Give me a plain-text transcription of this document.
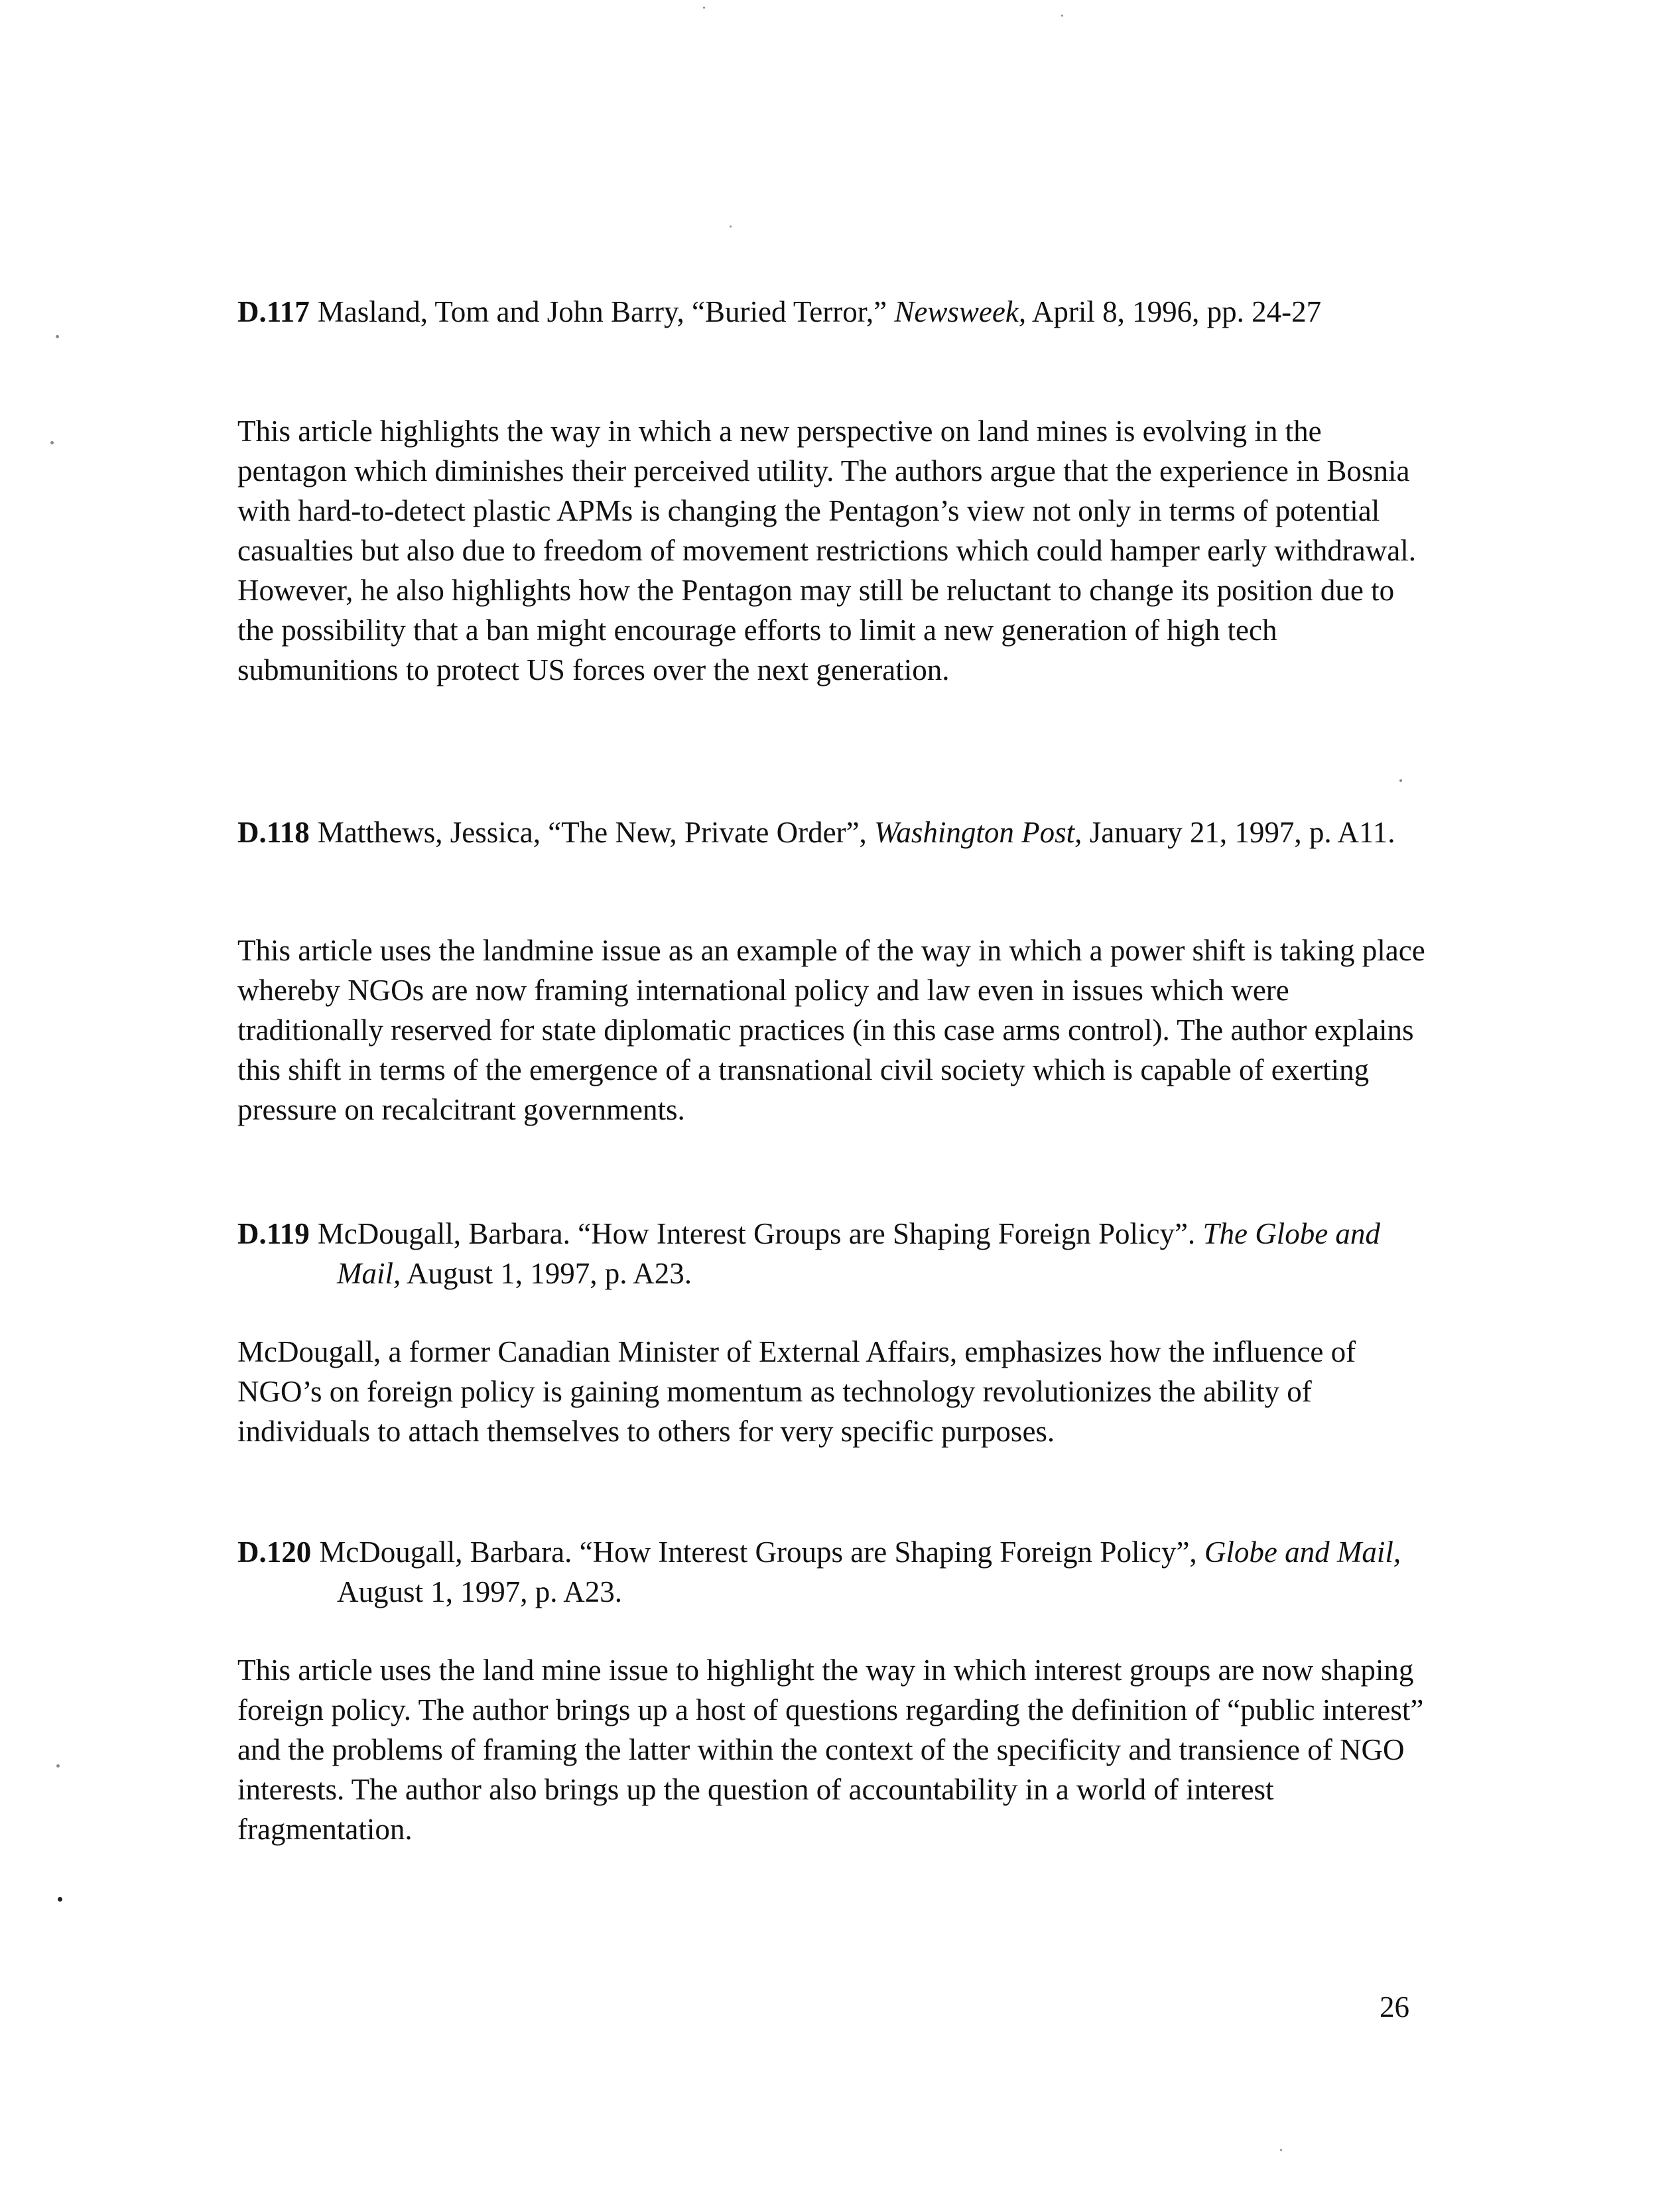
D.117 Masland, Tom and John Barry, “Buried Terror,” Newsweek, April 8, 1996, pp. 24-27

This article highlights the way in which a new perspective on land mines is evolving in the pentagon which diminishes their perceived utility. The authors argue that the experience in Bosnia with hard-to-detect plastic APMs is changing the Pentagon’s view not only in terms of potential casualties but also due to freedom of movement restrictions which could hamper early withdrawal. However, he also highlights how the Pentagon may still be reluctant to change its position due to the possibility that a ban might encourage efforts to limit a new generation of high tech submunitions to protect US forces over the next generation.

D.118 Matthews, Jessica, “The New, Private Order”, Washington Post, January 21, 1997, p. A11.

This article uses the landmine issue as an example of the way in which a power shift is taking place whereby NGOs are now framing international policy and law even in issues which were traditionally reserved for state diplomatic practices (in this case arms control). The author explains this shift in terms of the emergence of a transnational civil society which is capable of exerting pressure on recalcitrant governments.

D.119 McDougall, Barbara. “How Interest Groups are Shaping Foreign Policy”. The Globe and Mail, August 1, 1997, p. A23.

McDougall, a former Canadian Minister of External Affairs, emphasizes how the influence of NGO’s on foreign policy is gaining momentum as technology revolutionizes the ability of individuals to attach themselves to others for very specific purposes.

D.120 McDougall, Barbara. “How Interest Groups are Shaping Foreign Policy”, Globe and Mail, August 1, 1997, p. A23.

This article uses the land mine issue to highlight the way in which interest groups are now shaping foreign policy. The author brings up a host of questions regarding the definition of “public interest” and the problems of framing the latter within the context of the specificity and transience of NGO interests. The author also brings up the question of accountability in a world of interest fragmentation.

26
